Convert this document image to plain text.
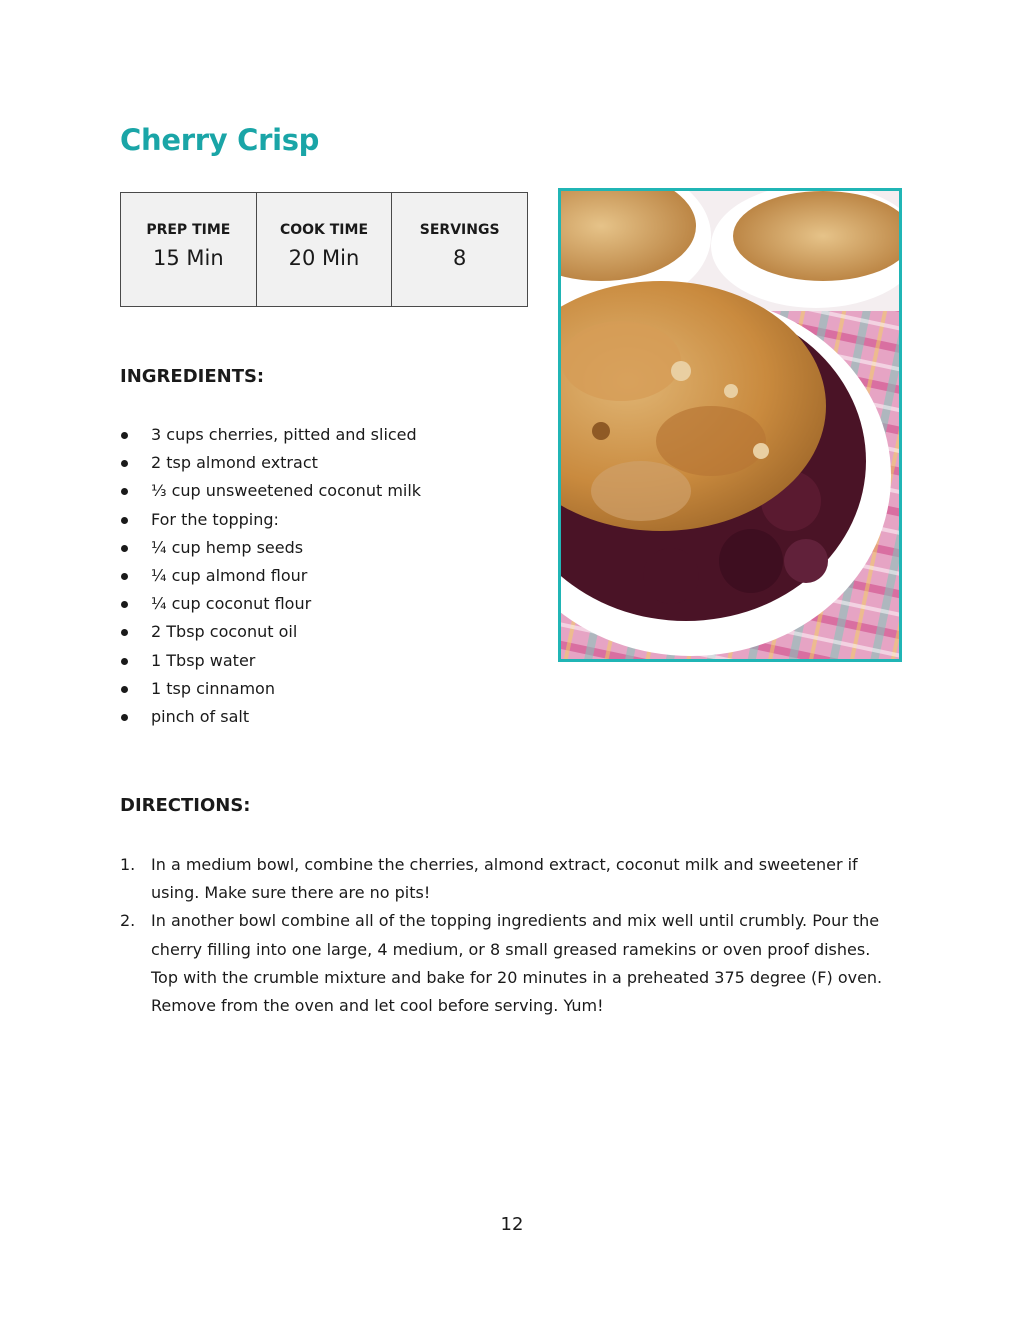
Cherry Crisp
PREP TIME
15 Min

COOK TIME
20 Min

SERVINGS
8
INGREDIENTS:
3 cups cherries, pitted and sliced
2 tsp almond extract
⅓ cup unsweetened coconut milk
For the topping:
¼ cup hemp seeds
¼ cup almond flour
¼ cup coconut flour
2 Tbsp coconut oil
1 Tbsp water
1 tsp cinnamon
pinch of salt
DIRECTIONS:
1. In a medium bowl, combine the cherries, almond extract, coconut milk and sweetener if using. Make sure there are no pits!
2. In another bowl combine all of the topping ingredients and mix well until crumbly. Pour the cherry filling into one large, 4 medium, or 8 small greased ramekins or oven proof dishes. Top with the crumble mixture and bake for 20 minutes in a preheated 375 degree (F) oven. Remove from the oven and let cool before serving. Yum!
12
